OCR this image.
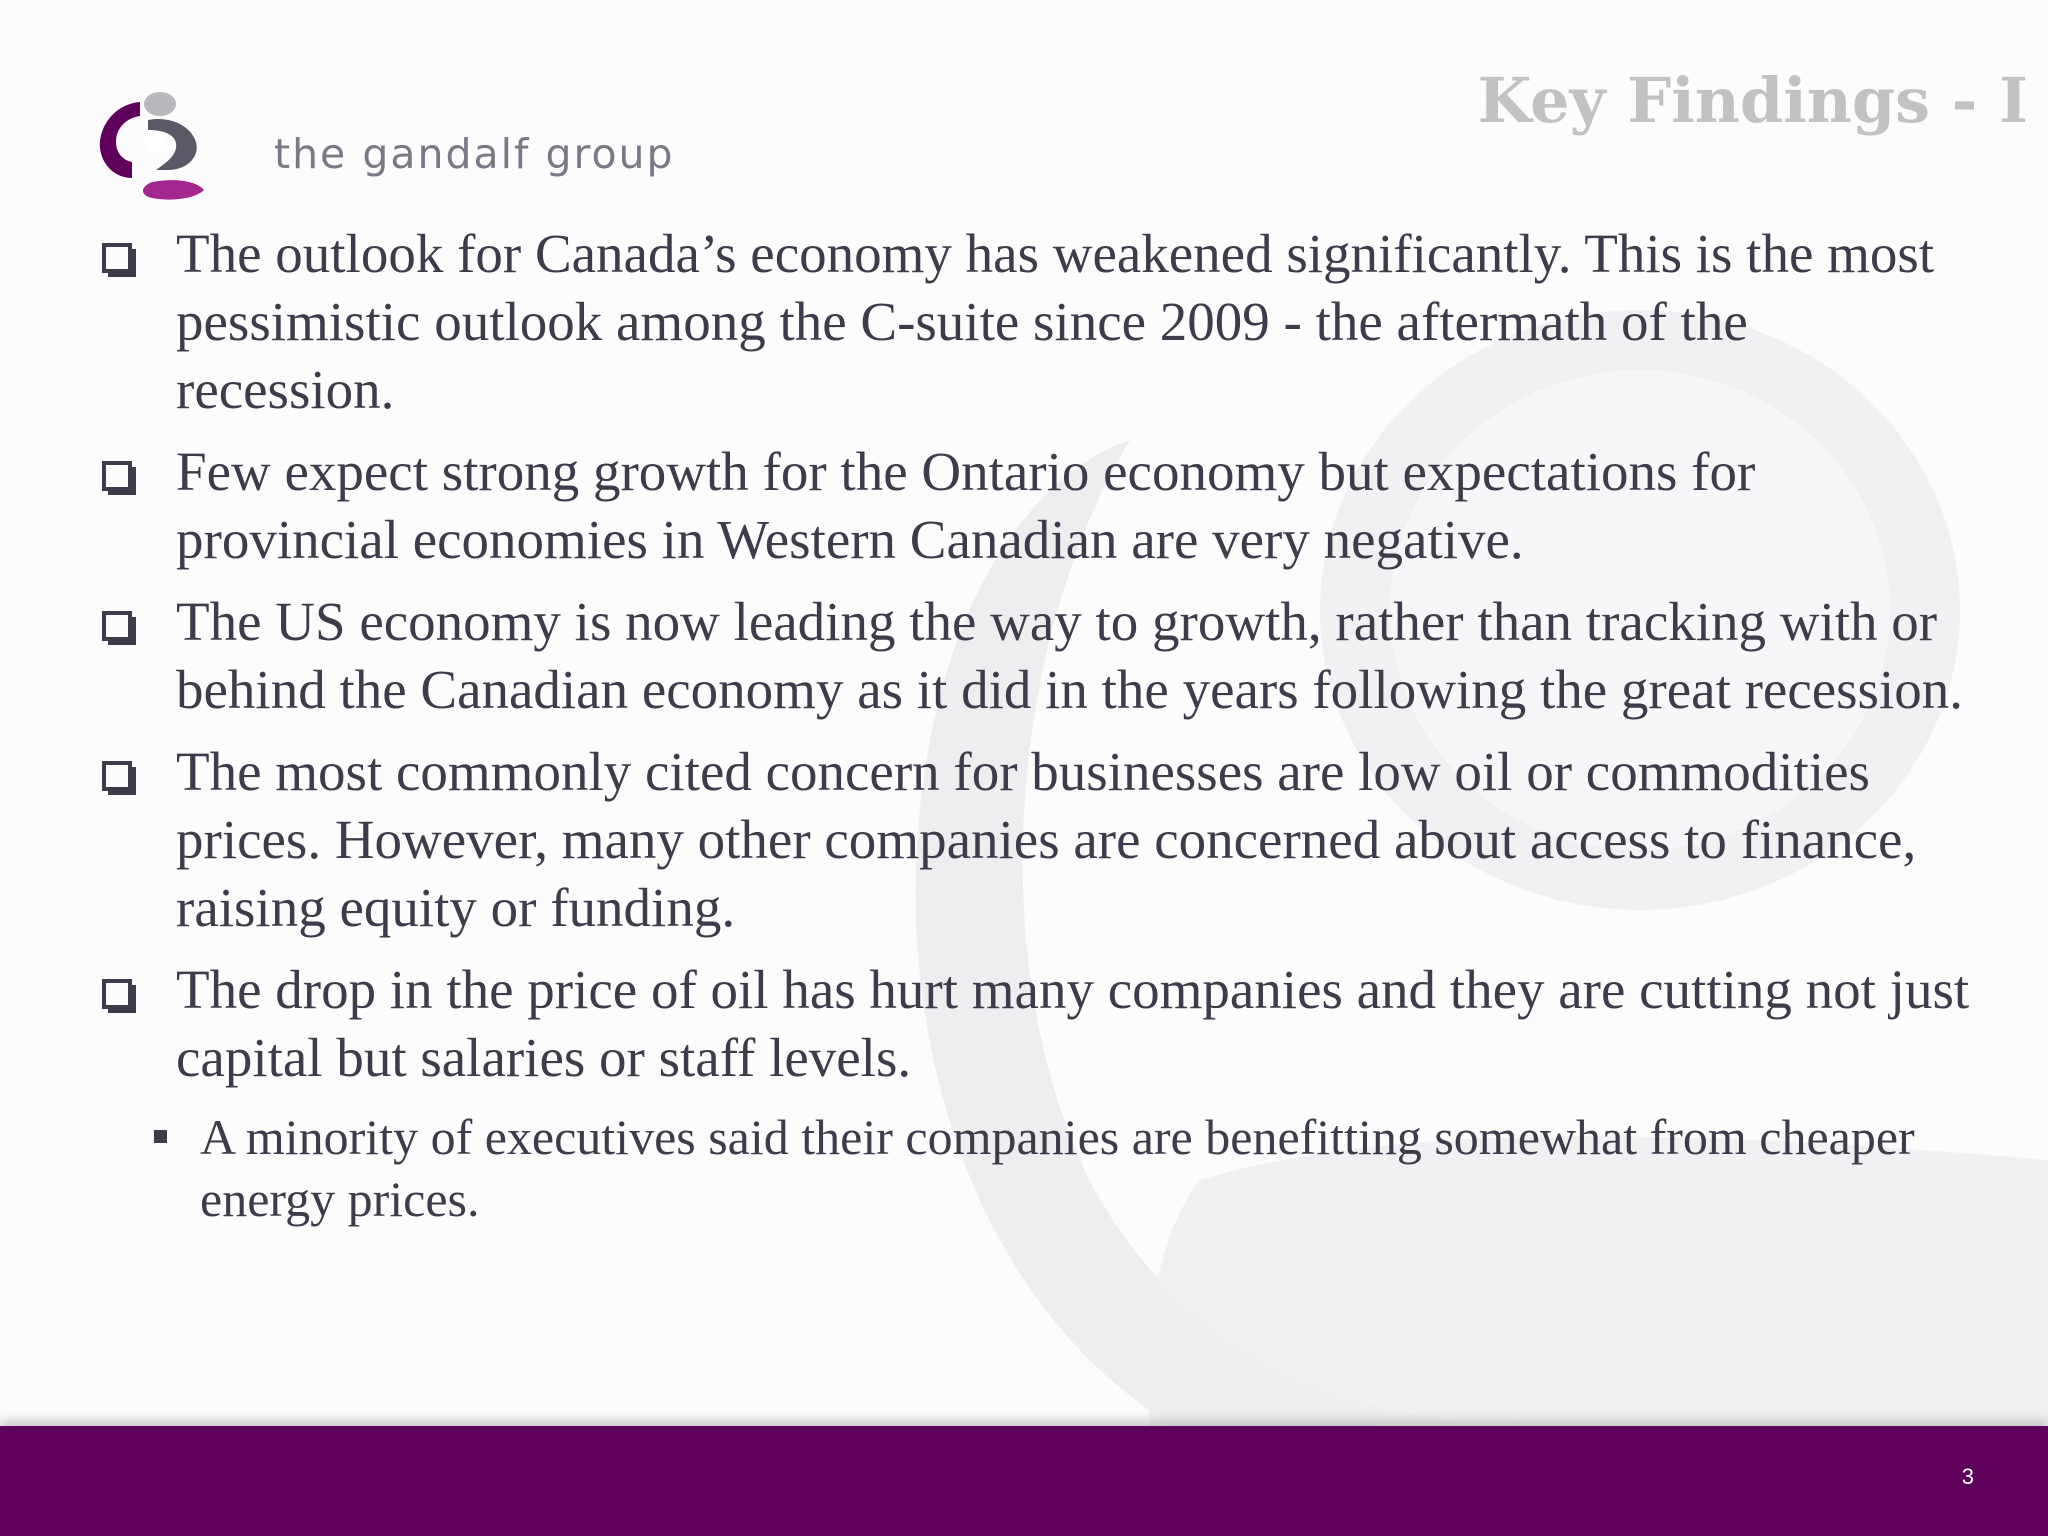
the gandalf group
Key Findings - I
The outlook for Canada’s economy has weakened significantly. This is the most pessimistic outlook among the C-suite since 2009 - the aftermath of the recession.
Few expect strong growth for the Ontario economy but expectations for provincial economies in Western Canadian are very negative.
The US economy is now leading the way to growth, rather than tracking with or behind the Canadian economy as it did in the years following the great recession.
The most commonly cited concern for businesses are low oil or commodities prices. However, many other companies are concerned about access to finance, raising equity or funding.
The drop in the price of oil has hurt many companies and they are cutting not just capital but salaries or staff levels.
A minority of executives said their companies are benefitting somewhat from cheaper energy prices.
3
